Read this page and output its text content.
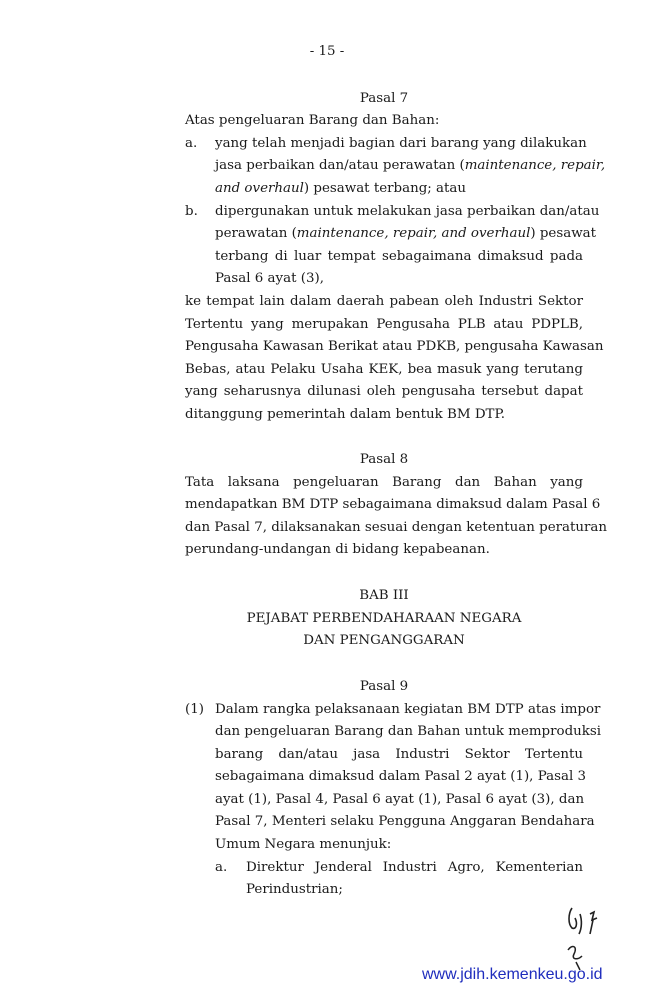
- 15 -
Pasal 7
Atas pengeluaran Barang dan Bahan:
a. yang telah menjadi bagian dari barang yang dilakukan
jasa perbaikan dan/atau perawatan (maintenance, repair,
and overhaul) pesawat terbang; atau
b. dipergunakan untuk melakukan jasa perbaikan dan/atau
perawatan (maintenance, repair, and overhaul) pesawat
terbang di luar tempat sebagaimana dimaksud pada
Pasal 6 ayat (3),
ke tempat lain dalam daerah pabean oleh Industri Sektor
Tertentu yang merupakan Pengusaha PLB atau PDPLB,
Pengusaha Kawasan Berikat atau PDKB, pengusaha Kawasan
Bebas, atau Pelaku Usaha KEK, bea masuk yang terutang
yang seharusnya dilunasi oleh pengusaha tersebut dapat
ditanggung pemerintah dalam bentuk BM DTP.
Pasal 8
Tata laksana pengeluaran Barang dan Bahan yang
mendapatkan BM DTP sebagaimana dimaksud dalam Pasal 6
dan Pasal 7, dilaksanakan sesuai dengan ketentuan peraturan
perundang-undangan di bidang kepabeanan.
BAB III
PEJABAT PERBENDAHARAAN NEGARA
DAN PENGANGGARAN
Pasal 9
(1) Dalam rangka pelaksanaan kegiatan BM DTP atas impor
dan pengeluaran Barang dan Bahan untuk memproduksi
barang dan/atau jasa Industri Sektor Tertentu
sebagaimana dimaksud dalam Pasal 2 ayat (1), Pasal 3
ayat (1), Pasal 4, Pasal 6 ayat (1), Pasal 6 ayat (3), dan
Pasal 7, Menteri selaku Pengguna Anggaran Bendahara
Umum Negara menunjuk:
a. Direktur Jenderal Industri Agro, Kementerian
Perindustrian;
www.jdih.kemenkeu.go.id
